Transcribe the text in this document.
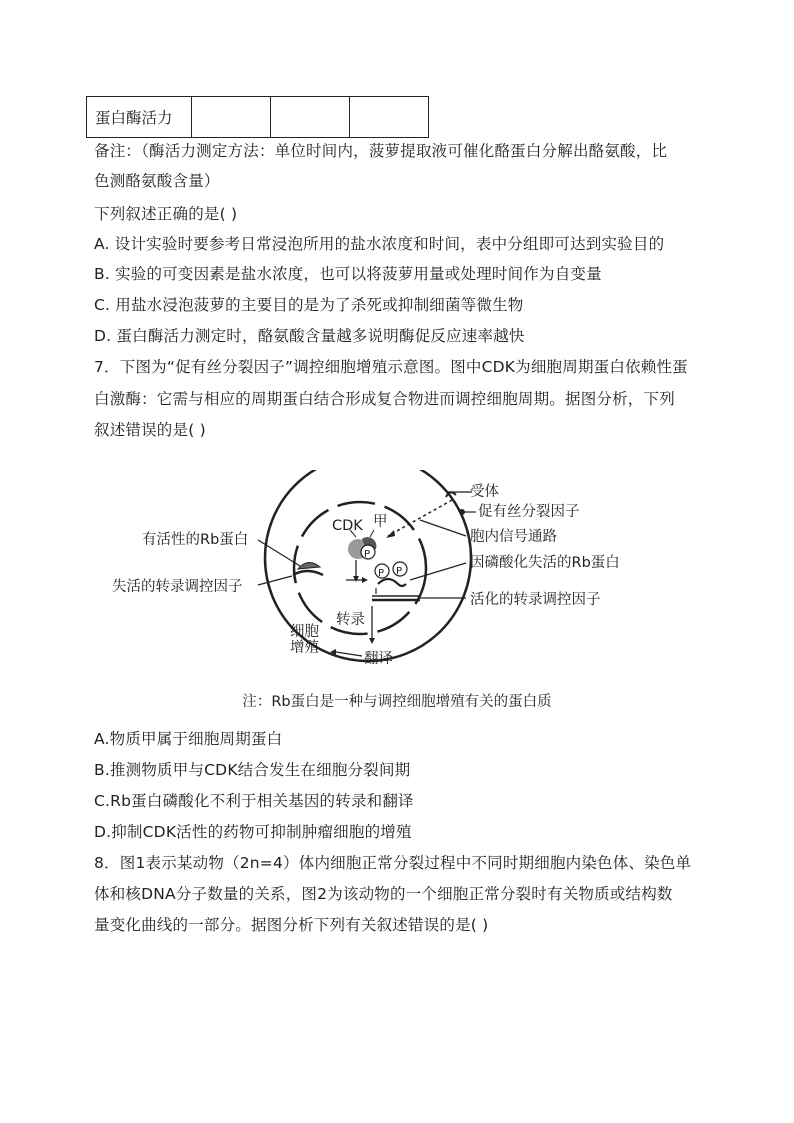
蛋白酶活力			
备注：（酶活力测定方法：单位时间内，菠萝提取液可催化酪蛋白分解出酪氨酸，比
色测酪氨酸含量）
下列叙述正确的是( )
A. 设计实验时要参考日常浸泡所用的盐水浓度和时间，表中分组即可达到实验目的
B. 实验的可变因素是盐水浓度，也可以将菠萝用量或处理时间作为自变量
C. 用盐水浸泡菠萝的主要目的是为了杀死或抑制细菌等微生物
D. 蛋白酶活力测定时，酪氨酸含量越多说明酶促反应速率越快
7．下图为“促有丝分裂因子”调控细胞增殖示意图。图中CDK为细胞周期蛋白依赖性蛋
白激酶：它需与相应的周期蛋白结合形成复合物进而调控细胞周期。据图分析，下列
叙述错误的是( )
P
CDK 甲
P P
转录
翻译
细胞
增殖
有活性的Rb蛋白
失活的转录调控因子
受体
促有丝分裂因子
胞内信号通路
因磷酸化失活的Rb蛋白
活化的转录调控因子
注：Rb蛋白是一种与调控细胞增殖有关的蛋白质
A.物质甲属于细胞周期蛋白
B.推测物质甲与CDK结合发生在细胞分裂间期
C.Rb蛋白磷酸化不利于相关基因的转录和翻译
D.抑制CDK活性的药物可抑制肿瘤细胞的增殖
8．图1表示某动物（2n=4）体内细胞正常分裂过程中不同时期细胞内染色体、染色单
体和核DNA分子数量的关系，图2为该动物的一个细胞正常分裂时有关物质或结构数
量变化曲线的一部分。据图分析下列有关叙述错误的是( )
